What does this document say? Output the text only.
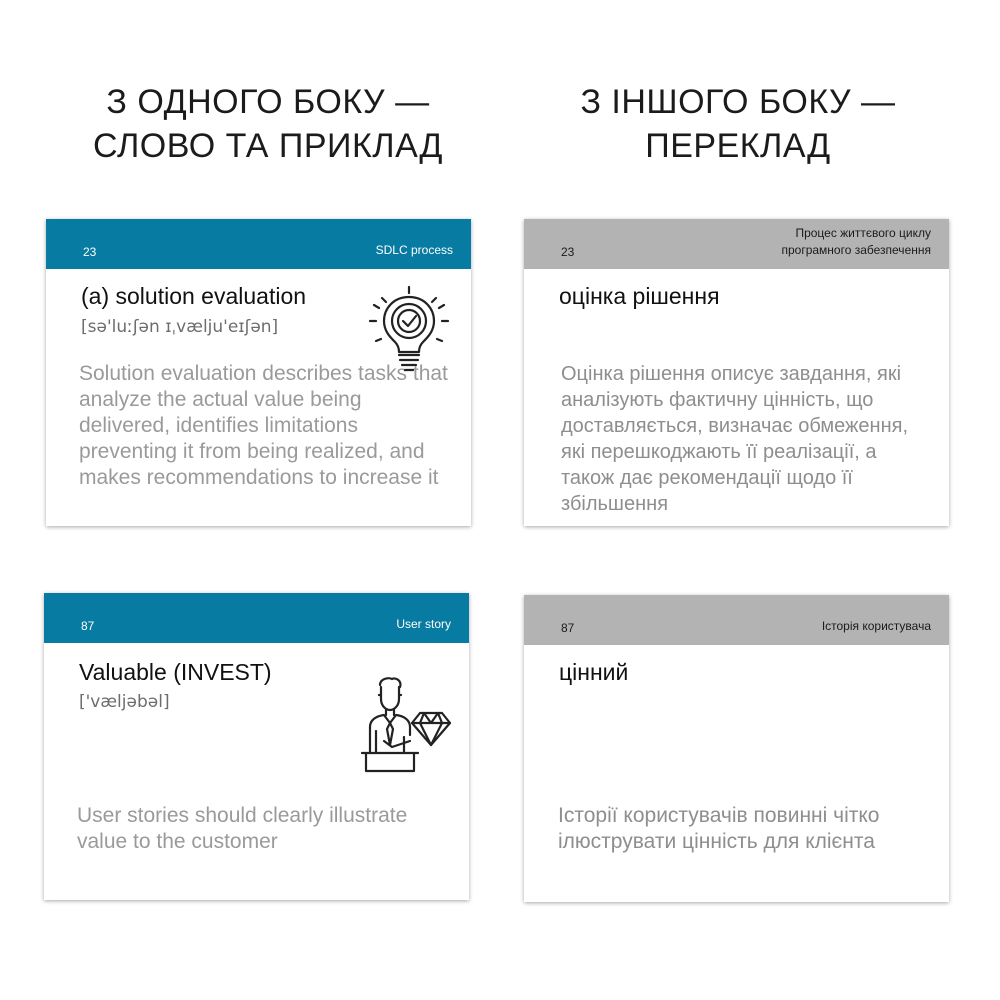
З ОДНОГО БОКУ —
СЛОВО ТА ПРИКЛАД
З ІНШОГО БОКУ —
ПЕРЕКЛАД
23	SDLC process
(a) solution evaluation
[sə'luːʃən ɪˌvælju'eɪʃən]
Solution evaluation describes tasks that analyze the actual value being delivered, identifies limitations preventing it from being realized, and makes recommendations to increase it
23
Процес життєвого циклу
програмного забезпечення
оцінка рішення
Оцінка рішення описує завдання, які аналізують фактичну цінність, що доставляється, визначає обмеження, які перешкоджають її реалізації, а також дає рекомендації щодо її збільшення
87	User story
Valuable (INVEST)
['væljəbəl]
User stories should clearly illustrate value to the customer
87	Історія користувача
цінний
Історії користувачів повинні чітко ілюструвати цінність для клієнта
